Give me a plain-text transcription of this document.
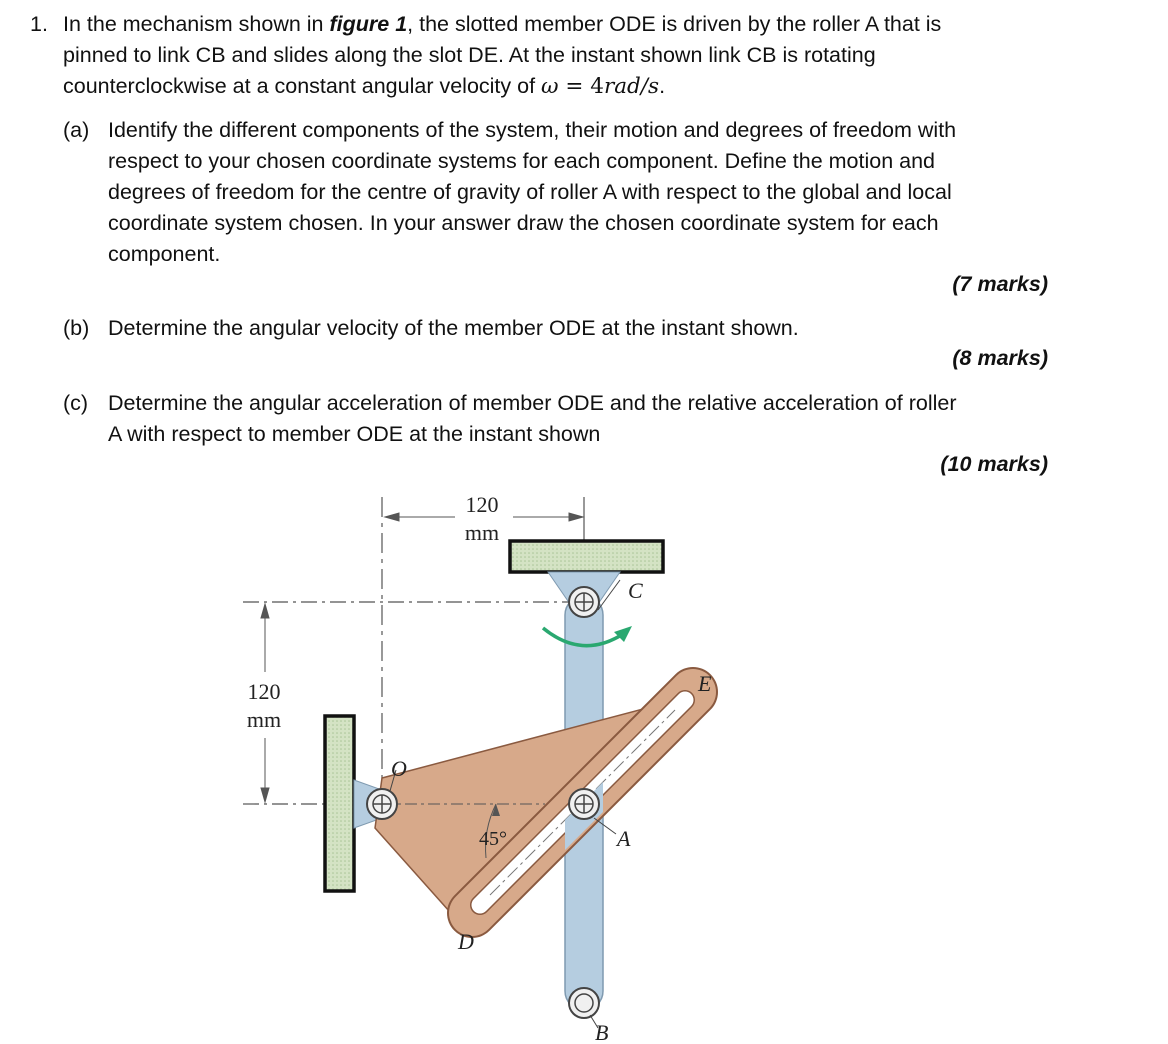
1. In the mechanism shown in figure 1, the slotted member ODE is driven by the roller A that is
pinned to link CB and slides along the slot DE. At the instant shown link CB is rotating
counterclockwise at a constant angular velocity of ω = 4rad/s.
(a) Identify the different components of the system, their motion and degrees of freedom with
respect to your chosen coordinate systems for each component. Define the motion and
degrees of freedom for the centre of gravity of roller A with respect to the global and local
coordinate system chosen. In your answer draw the chosen coordinate system for each
component.
(7 marks)
(b) Determine the angular velocity of the member ODE at the instant shown.
(8 marks)
(c) Determine the angular acceleration of member ODE and the relative acceleration of roller
A with respect to member ODE at the instant shown
(10 marks)
120
mm
120
mm
45°
C
E
O
A
D
B
